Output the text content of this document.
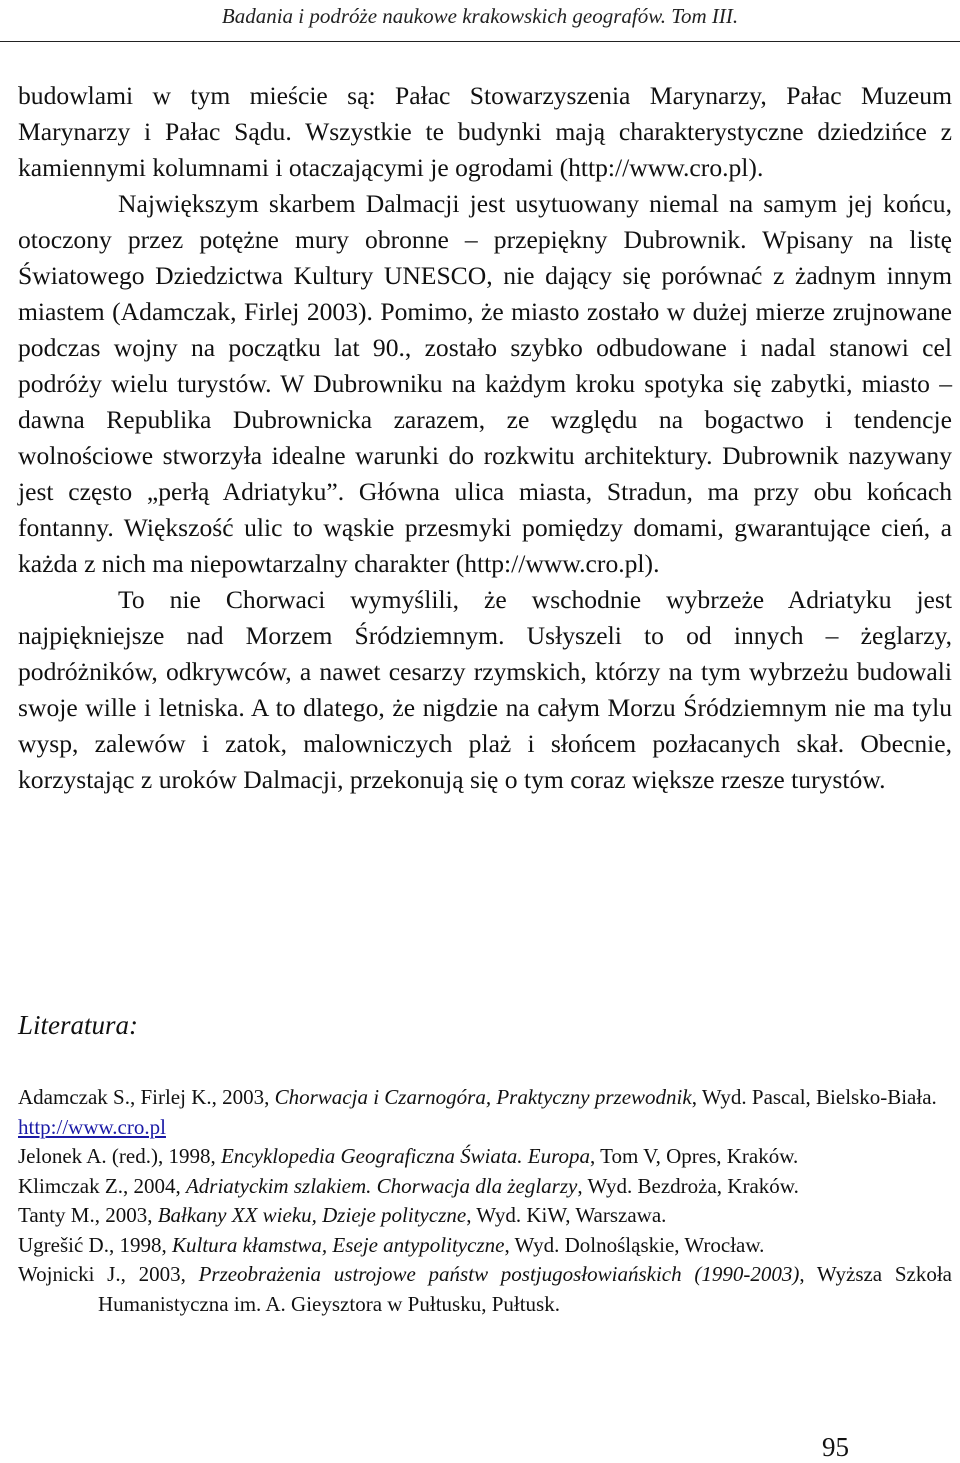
Badania i podróże naukowe krakowskich geografów. Tom III.

budowlami w tym mieście są: Pałac Stowarzyszenia Marynarzy, Pałac Muzeum Marynarzy i Pałac Sądu. Wszystkie te budynki mają charakterystyczne dziedzińce z kamiennymi kolumnami i otaczającymi je ogrodami (http://www.cro.pl).

Największym skarbem Dalmacji jest usytuowany niemal na samym jej końcu, otoczony przez potężne mury obronne – przepiękny Dubrownik. Wpisany na listę Światowego Dziedzictwa Kultury UNESCO, nie dający się porównać z żadnym innym miastem (Adamczak, Firlej 2003). Pomimo, że miasto zostało w dużej mierze zrujnowane podczas wojny na początku lat 90., zostało szybko odbudowane i nadal stanowi cel podróży wielu turystów. W Dubrowniku na każdym kroku spotyka się zabytki, miasto – dawna Republika Dubrownicka zarazem, ze względu na bogactwo i tendencje wolnościowe stworzyła idealne warunki do rozkwitu architektury. Dubrownik nazywany jest często „perłą Adriatyku”. Główna ulica miasta, Stradun, ma przy obu końcach fontanny. Większość ulic to wąskie przesmyki pomiędzy domami, gwarantujące cień, a każda z nich ma niepowtarzalny charakter (http://www.cro.pl).

To nie Chorwaci wymyślili, że wschodnie wybrzeże Adriatyku jest najpiękniejsze nad Morzem Śródziemnym. Usłyszeli to od innych – żeglarzy, podróżników, odkrywców, a nawet cesarzy rzymskich, którzy na tym wybrzeżu budowali swoje wille i letniska. A to dlatego, że nigdzie na całym Morzu Śródziemnym nie ma tylu wysp, zalewów i zatok, malowniczych plaż i słońcem pozłacanych skał. Obecnie, korzystając z uroków Dalmacji, przekonują się o tym coraz większe rzesze turystów.

Literatura:
Adamczak S., Firlej K., 2003, Chorwacja i Czarnogóra, Praktyczny przewodnik, Wyd. Pascal, Bielsko-Biała.
http://www.cro.pl
Jelonek A. (red.), 1998, Encyklopedia Geograficzna Świata. Europa, Tom V, Opres, Kraków.
Klimczak Z., 2004, Adriatyckim szlakiem. Chorwacja dla żeglarzy, Wyd. Bezdroża, Kraków.
Tanty M., 2003, Bałkany XX wieku, Dzieje polityczne, Wyd. KiW, Warszawa.
Ugrešić D., 1998, Kultura kłamstwa, Eseje antypolityczne, Wyd. Dolnośląskie, Wrocław.
Wojnicki J., 2003, Przeobrażenia ustrojowe państw postjugosłowiańskich (1990-2003), Wyższa Szkoła Humanistyczna im. A. Gieysztora w Pułtusku, Pułtusk.
95
